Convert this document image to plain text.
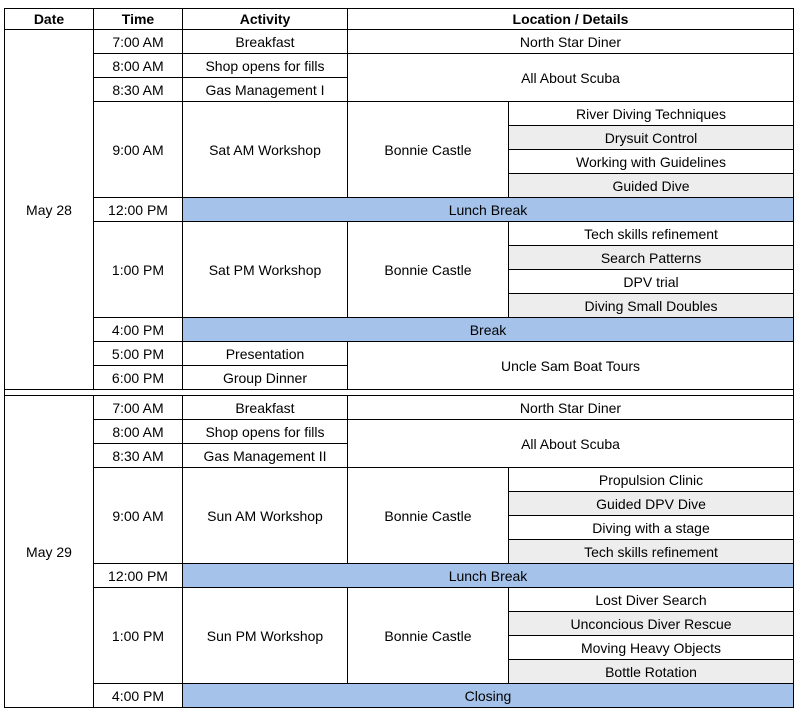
Date	Time	Activity	Location / Details	
May 28	7:00 AM	Breakfast	North Star Diner	
	8:00 AM	Shop opens for fills	All About Scuba	
	8:30 AM	Gas Management I		
	9:00 AM	Sat AM Workshop	Bonnie Castle	River Diving Techniques
				Drysuit Control
				Working with Guidelines
				Guided Dive
	12:00 PM	Lunch Break		
	1:00 PM	Sat PM Workshop	Bonnie Castle	Tech skills refinement
				Search Patterns
				DPV trial
				Diving Small Doubles
	4:00 PM	Break		
	5:00 PM	Presentation	Uncle Sam Boat Tours	
	6:00 PM	Group Dinner		

May 29	7:00 AM	Breakfast	North Star Diner	
	8:00 AM	Shop opens for fills	All About Scuba	
	8:30 AM	Gas Management II		
	9:00 AM	Sun AM Workshop	Bonnie Castle	Propulsion Clinic
				Guided DPV Dive
				Diving with a stage
				Tech skills refinement
	12:00 PM	Lunch Break		
	1:00 PM	Sun PM Workshop	Bonnie Castle	Lost Diver Search
				Unconcious Diver Rescue
				Moving Heavy Objects
				Bottle Rotation
	4:00 PM	Closing		
